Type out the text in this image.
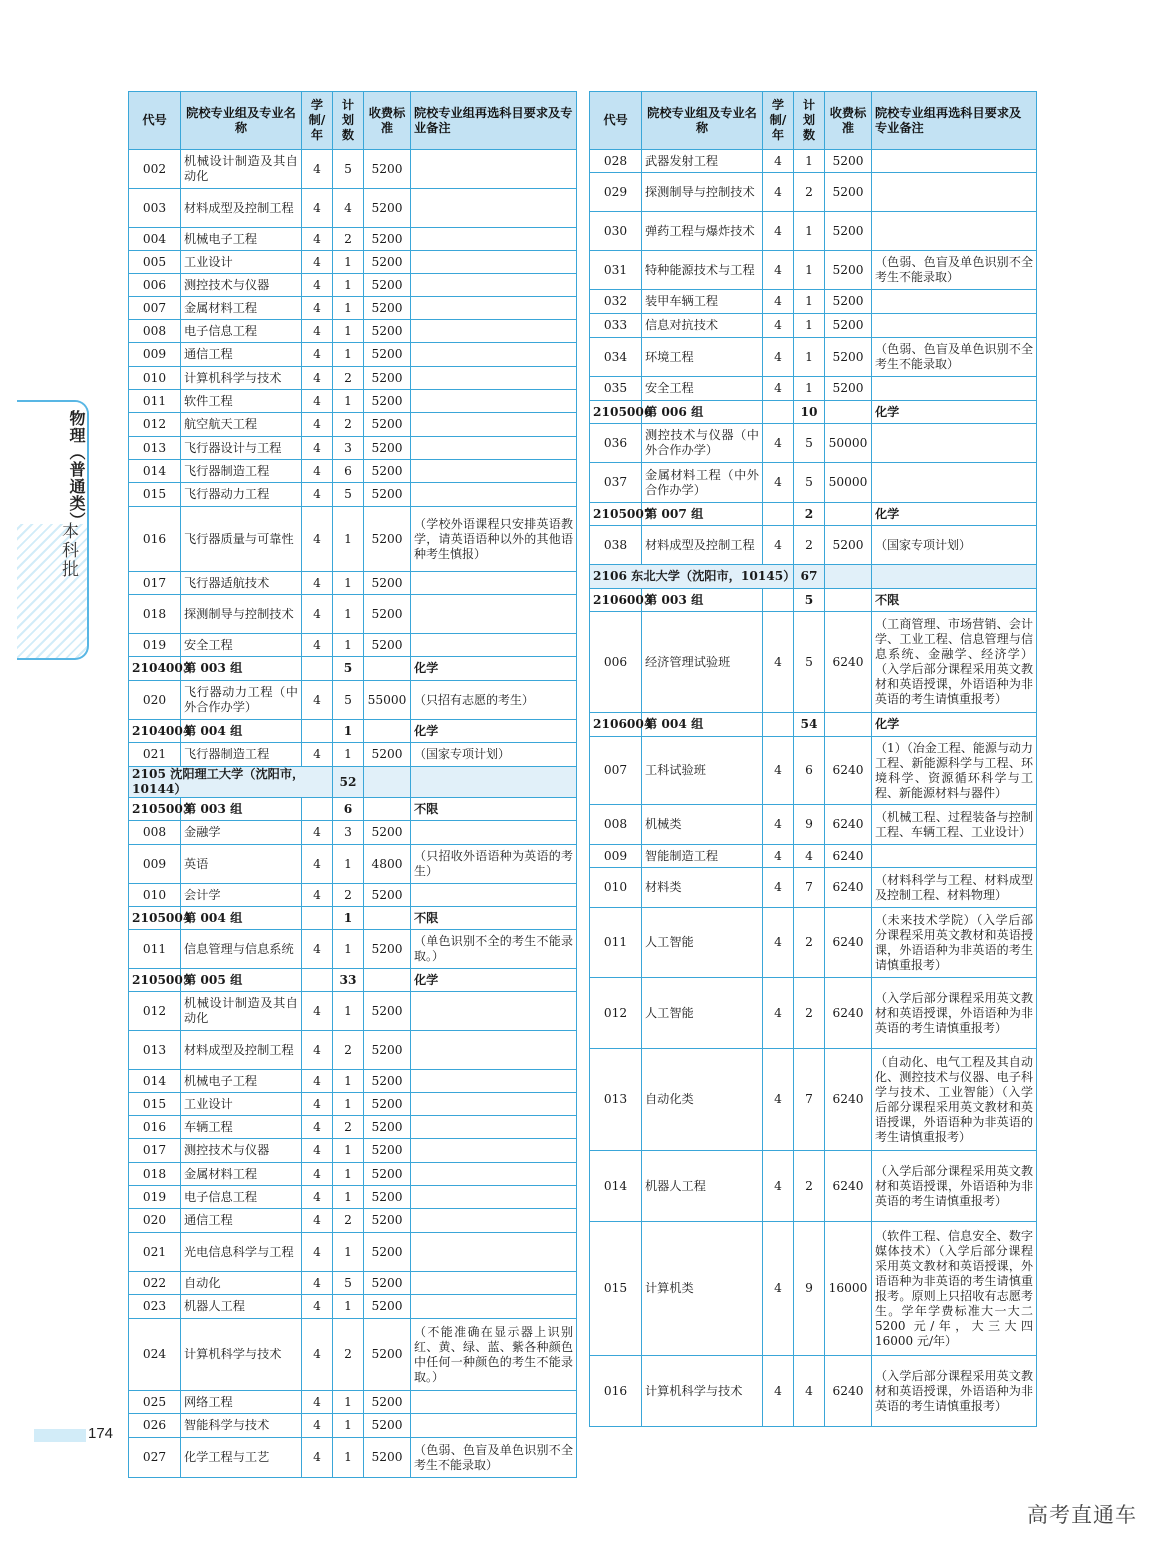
物理（普通类）
本科批
代号	院校专业组及专业名称	学制/年	计划数	收费标准	院校专业组再选科目要求及专业备注
002	机械设计制造及其自动化	4	5	5200	
003	材料成型及控制工程	4	4	5200	
004	机械电子工程	4	2	5200	
005	工业设计	4	1	5200	
006	测控技术与仪器	4	1	5200	
007	金属材料工程	4	1	5200	
008	电子信息工程	4	1	5200	
009	通信工程	4	1	5200	
010	计算机科学与技术	4	2	5200	
011	软件工程	4	1	5200	
012	航空航天工程	4	2	5200	
013	飞行器设计与工程	4	3	5200	
014	飞行器制造工程	4	6	5200	
015	飞行器动力工程	4	5	5200	
016	飞行器质量与可靠性	4	1	5200	（学校外语课程只安排英语教学，请英语语种以外的其他语种考生慎报）
017	飞行器适航技术	4	1	5200	
018	探测制导与控制技术	4	1	5200	
019	安全工程	4	1	5200	
2104003	第 003 组		5		化学
020	飞行器动力工程（中外合作办学）	4	5	55000	（只招有志愿的考生）
2104004	第 004 组		1		化学
021	飞行器制造工程	4	1	5200	（国家专项计划）
2105 沈阳理工大学（沈阳市，10144）			52		
2105003	第 003 组		6		不限
008	金融学	4	3	5200	
009	英语	4	1	4800	（只招收外语语种为英语的考生）
010	会计学	4	2	5200	
2105004	第 004 组		1		不限
011	信息管理与信息系统	4	1	5200	（单色识别不全的考生不能录取。）
2105005	第 005 组		33		化学
012	机械设计制造及其自动化	4	1	5200	
013	材料成型及控制工程	4	2	5200	
014	机械电子工程	4	1	5200	
015	工业设计	4	1	5200	
016	车辆工程	4	2	5200	
017	测控技术与仪器	4	1	5200	
018	金属材料工程	4	1	5200	
019	电子信息工程	4	1	5200	
020	通信工程	4	2	5200	
021	光电信息科学与工程	4	1	5200	
022	自动化	4	5	5200	
023	机器人工程	4	1	5200	
024	计算机科学与技术	4	2	5200	（不能准确在显示器上识别红、黄、绿、蓝、紫各种颜色中任何一种颜色的考生不能录取。）
025	网络工程	4	1	5200	
026	智能科学与技术	4	1	5200	
027	化学工程与工艺	4	1	5200	（色弱、色盲及单色识别不全考生不能录取）
代号	院校专业组及专业名称	学制/年	计划数	收费标准	院校专业组再选科目要求及专业备注
028	武器发射工程	4	1	5200	
029	探测制导与控制技术	4	2	5200	
030	弹药工程与爆炸技术	4	1	5200	
031	特种能源技术与工程	4	1	5200	（色弱、色盲及单色识别不全考生不能录取）
032	装甲车辆工程	4	1	5200	
033	信息对抗技术	4	1	5200	
034	环境工程	4	1	5200	（色弱、色盲及单色识别不全考生不能录取）
035	安全工程	4	1	5200	
2105006	第 006 组		10		化学
036	测控技术与仪器（中外合作办学）	4	5	50000	
037	金属材料工程（中外合作办学）	4	5	50000	
2105007	第 007 组		2		化学
038	材料成型及控制工程	4	2	5200	（国家专项计划）
2106 东北大学（沈阳市，10145）			67		
2106003	第 003 组		5		不限
006	经济管理试验班	4	5	6240	（工商管理、市场营销、会计学、工业工程、信息管理与信息系统、金融学、经济学）（入学后部分课程采用英文教材和英语授课，外语语种为非英语的考生请慎重报考）
2106004	第 004 组		54		化学
007	工科试验班	4	6	6240	（1）（冶金工程、能源与动力工程、新能源科学与工程、环境科学、资源循环科学与工程、新能源材料与器件）
008	机械类	4	9	6240	（机械工程、过程装备与控制工程、车辆工程、工业设计）
009	智能制造工程	4	4	6240	
010	材料类	4	7	6240	（材料科学与工程、材料成型及控制工程、材料物理）
011	人工智能	4	2	6240	（未来技术学院）（入学后部分课程采用英文教材和英语授课，外语语种为非英语的考生请慎重报考）
012	人工智能	4	2	6240	（入学后部分课程采用英文教材和英语授课，外语语种为非英语的考生请慎重报考）
013	自动化类	4	7	6240	（自动化、电气工程及其自动化、测控技术与仪器、电子科学与技术、工业智能）（入学后部分课程采用英文教材和英语授课，外语语种为非英语的考生请慎重报考）
014	机器人工程	4	2	6240	（入学后部分课程采用英文教材和英语授课，外语语种为非英语的考生请慎重报考）
015	计算机类	4	9	16000	（软件工程、信息安全、数字媒体技术）（入学后部分课程采用英文教材和英语授课，外语语种为非英语的考生请慎重报考。原则上只招收有志愿考生。学年学费标准大一大二 5200 元/年，大三大四 16000 元/年）
016	计算机科学与技术	4	4	6240	（入学后部分课程采用英文教材和英语授课，外语语种为非英语的考生请慎重报考）
174
高考直通车
